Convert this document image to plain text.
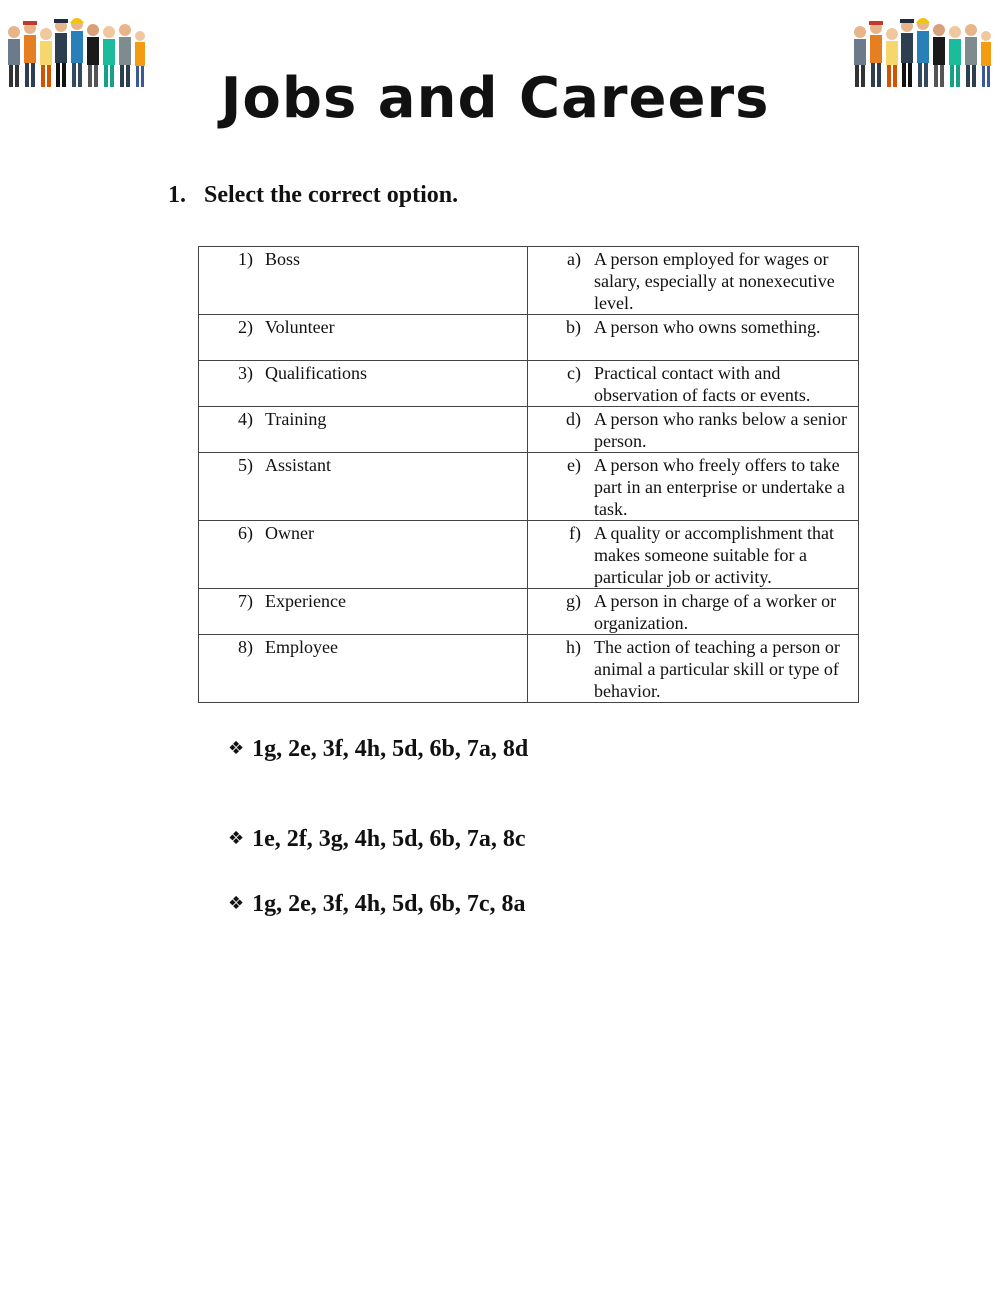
Jobs and Careers
1. Select the correct option.
1) Boss	a) A person employed for wages or salary, especially at nonexecutive level.

2) Volunteer	b) A person who owns something.

3) Qualifications	c) Practical contact with and observation of facts or events.

4) Training	d) A person who ranks below a senior person.

5) Assistant	e) A person who freely offers to take part in an enterprise or undertake a task.

6) Owner	f) A quality or accomplishment that makes someone suitable for a particular job or activity.

7) Experience	g) A person in charge of a worker or organization.

8) Employee	h) The action of teaching a person or animal a particular skill or type of behavior.
❖ 1g, 2e, 3f, 4h, 5d, 6b, 7a, 8d
❖ 1e, 2f, 3g, 4h, 5d, 6b, 7a, 8c
❖ 1g, 2e, 3f, 4h, 5d, 6b, 7c, 8a
